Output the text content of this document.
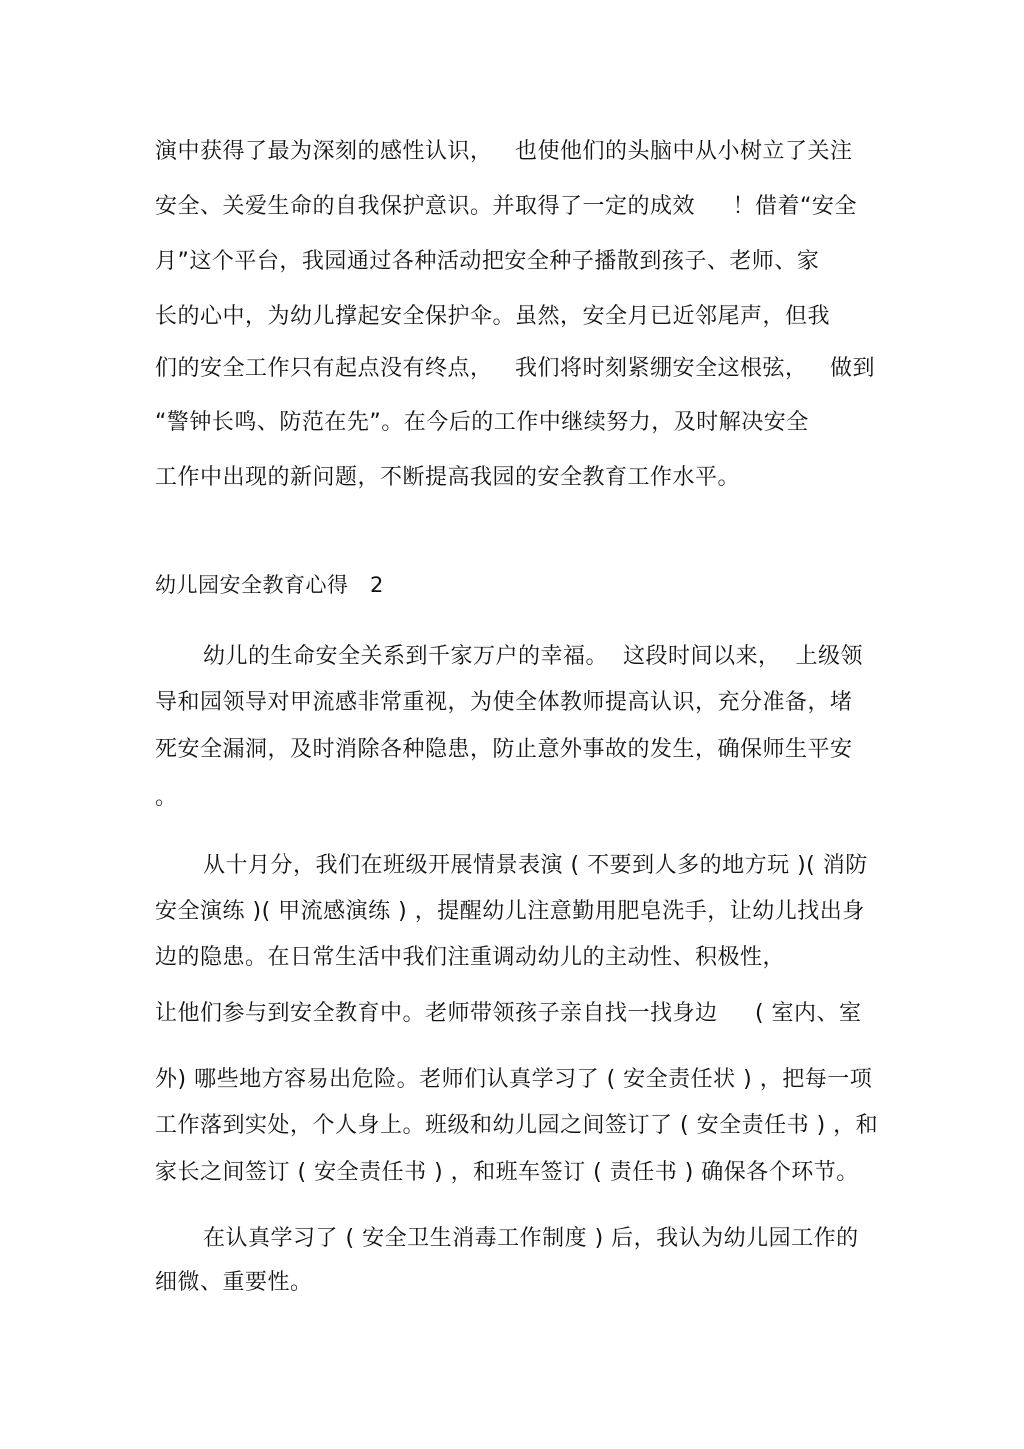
演中获得了最为深刻的感性认识，   也使他们的头脑中从小树立了关注
安全、关爱生命的自我保护意识。并取得了一定的成效     ！借着“安全
月”这个平台，我园通过各种活动把安全种子播散到孩子、老师、家
长的心中，为幼儿撑起安全保护伞。虽然，安全月已近邻尾声，但我
们的安全工作只有起点没有终点，   我们将时刻紧绷安全这根弦，   做到
“警钟长鸣、防范在先”。在今后的工作中继续努力，及时解决安全
工作中出现的新问题，不断提高我园的安全教育工作水平。
幼儿园安全教育心得   2
幼儿的生命安全关系到千家万户的幸福。  这段时间以来，  上级领
导和园领导对甲流感非常重视，为使全体教师提高认识，充分准备，堵
死安全漏洞，及时消除各种隐患，防止意外事故的发生，确保师生平安
。
从十月分，我们在班级开展情景表演 ( 不要到人多的地方玩 )( 消防
安全演练 )( 甲流感演练 ) ，提醒幼儿注意勤用肥皂洗手，让幼儿找出身
边的隐患。在日常生活中我们注重调动幼儿的主动性、积极性，
让他们参与到安全教育中。老师带领孩子亲自找一找身边     ( 室内、室
外) 哪些地方容易出危险。老师们认真学习了 ( 安全责任状 ) ，把每一项
工作落到实处，个人身上。班级和幼儿园之间签订了 ( 安全责任书 ) ，和
家长之间签订 ( 安全责任书 ) ，和班车签订 ( 责任书 ) 确保各个环节。
在认真学习了 ( 安全卫生消毒工作制度 ) 后，我认为幼儿园工作的
细微、重要性。
